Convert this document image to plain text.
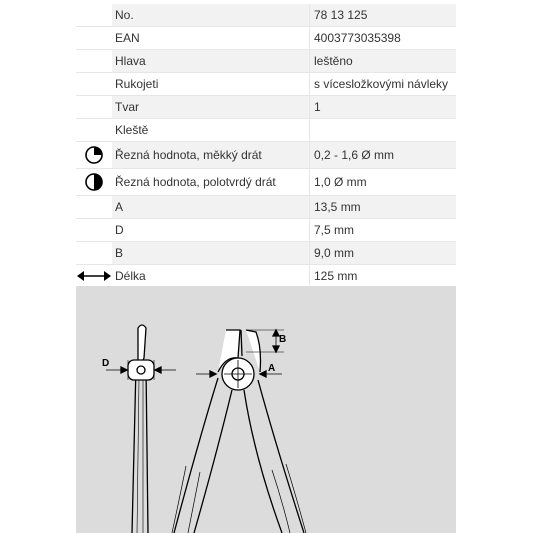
	No.	78 13 125
	EAN	4003773035398
	Hlava	leštěno
	Rukojeti	s vícesložkovými návleky
	Tvar	1
	Kleště	

	Řezná hodnota, měkký drát	0,2 - 1,6 Ø mm

	Řezná hodnota, polotvrdý drát	1,0 Ø mm
	A	13,5 mm
	D	7,5 mm
	B	9,0 mm

	Délka	125 mm

D	A
B
